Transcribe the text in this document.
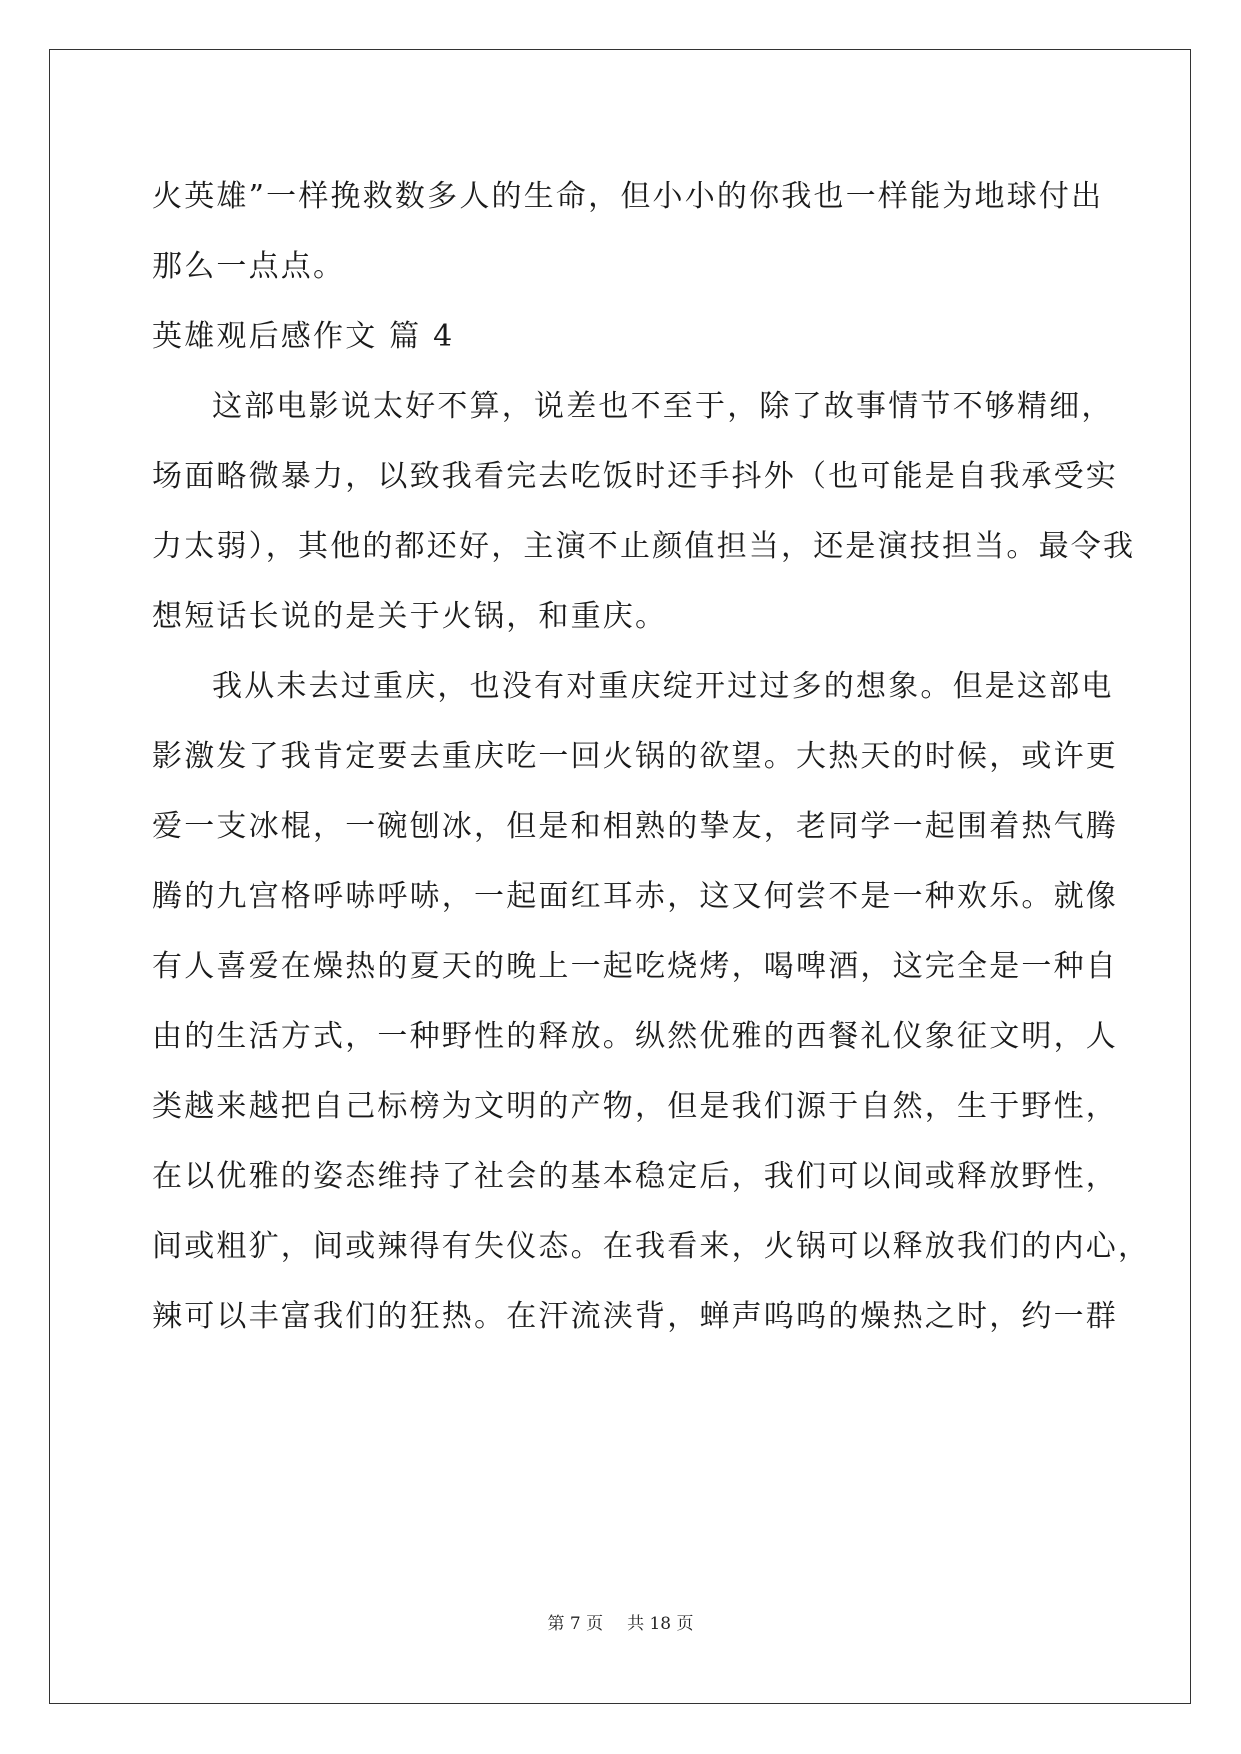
火英雄”一样挽救数多人的生命，但小小的你我也一样能为地球付出
那么一点点。
英雄观后感作文 篇 4
这部电影说太好不算，说差也不至于，除了故事情节不够精细，
场面略微暴力，以致我看完去吃饭时还手抖外（也可能是自我承受实
力太弱），其他的都还好，主演不止颜值担当，还是演技担当。最令我
想短话长说的是关于火锅，和重庆。
我从未去过重庆，也没有对重庆绽开过过多的想象。但是这部电
影激发了我肯定要去重庆吃一回火锅的欲望。大热天的时候，或许更
爱一支冰棍，一碗刨冰，但是和相熟的挚友，老同学一起围着热气腾
腾的九宫格呼哧呼哧，一起面红耳赤，这又何尝不是一种欢乐。就像
有人喜爱在燥热的夏天的晚上一起吃烧烤，喝啤酒，这完全是一种自
由的生活方式，一种野性的释放。纵然优雅的西餐礼仪象征文明，人
类越来越把自己标榜为文明的产物，但是我们源于自然，生于野性，
在以优雅的姿态维持了社会的基本稳定后，我们可以间或释放野性，
间或粗犷，间或辣得有失仪态。在我看来，火锅可以释放我们的内心，
辣可以丰富我们的狂热。在汗流浃背，蝉声呜呜的燥热之时，约一群
第 7 页 共 18 页
